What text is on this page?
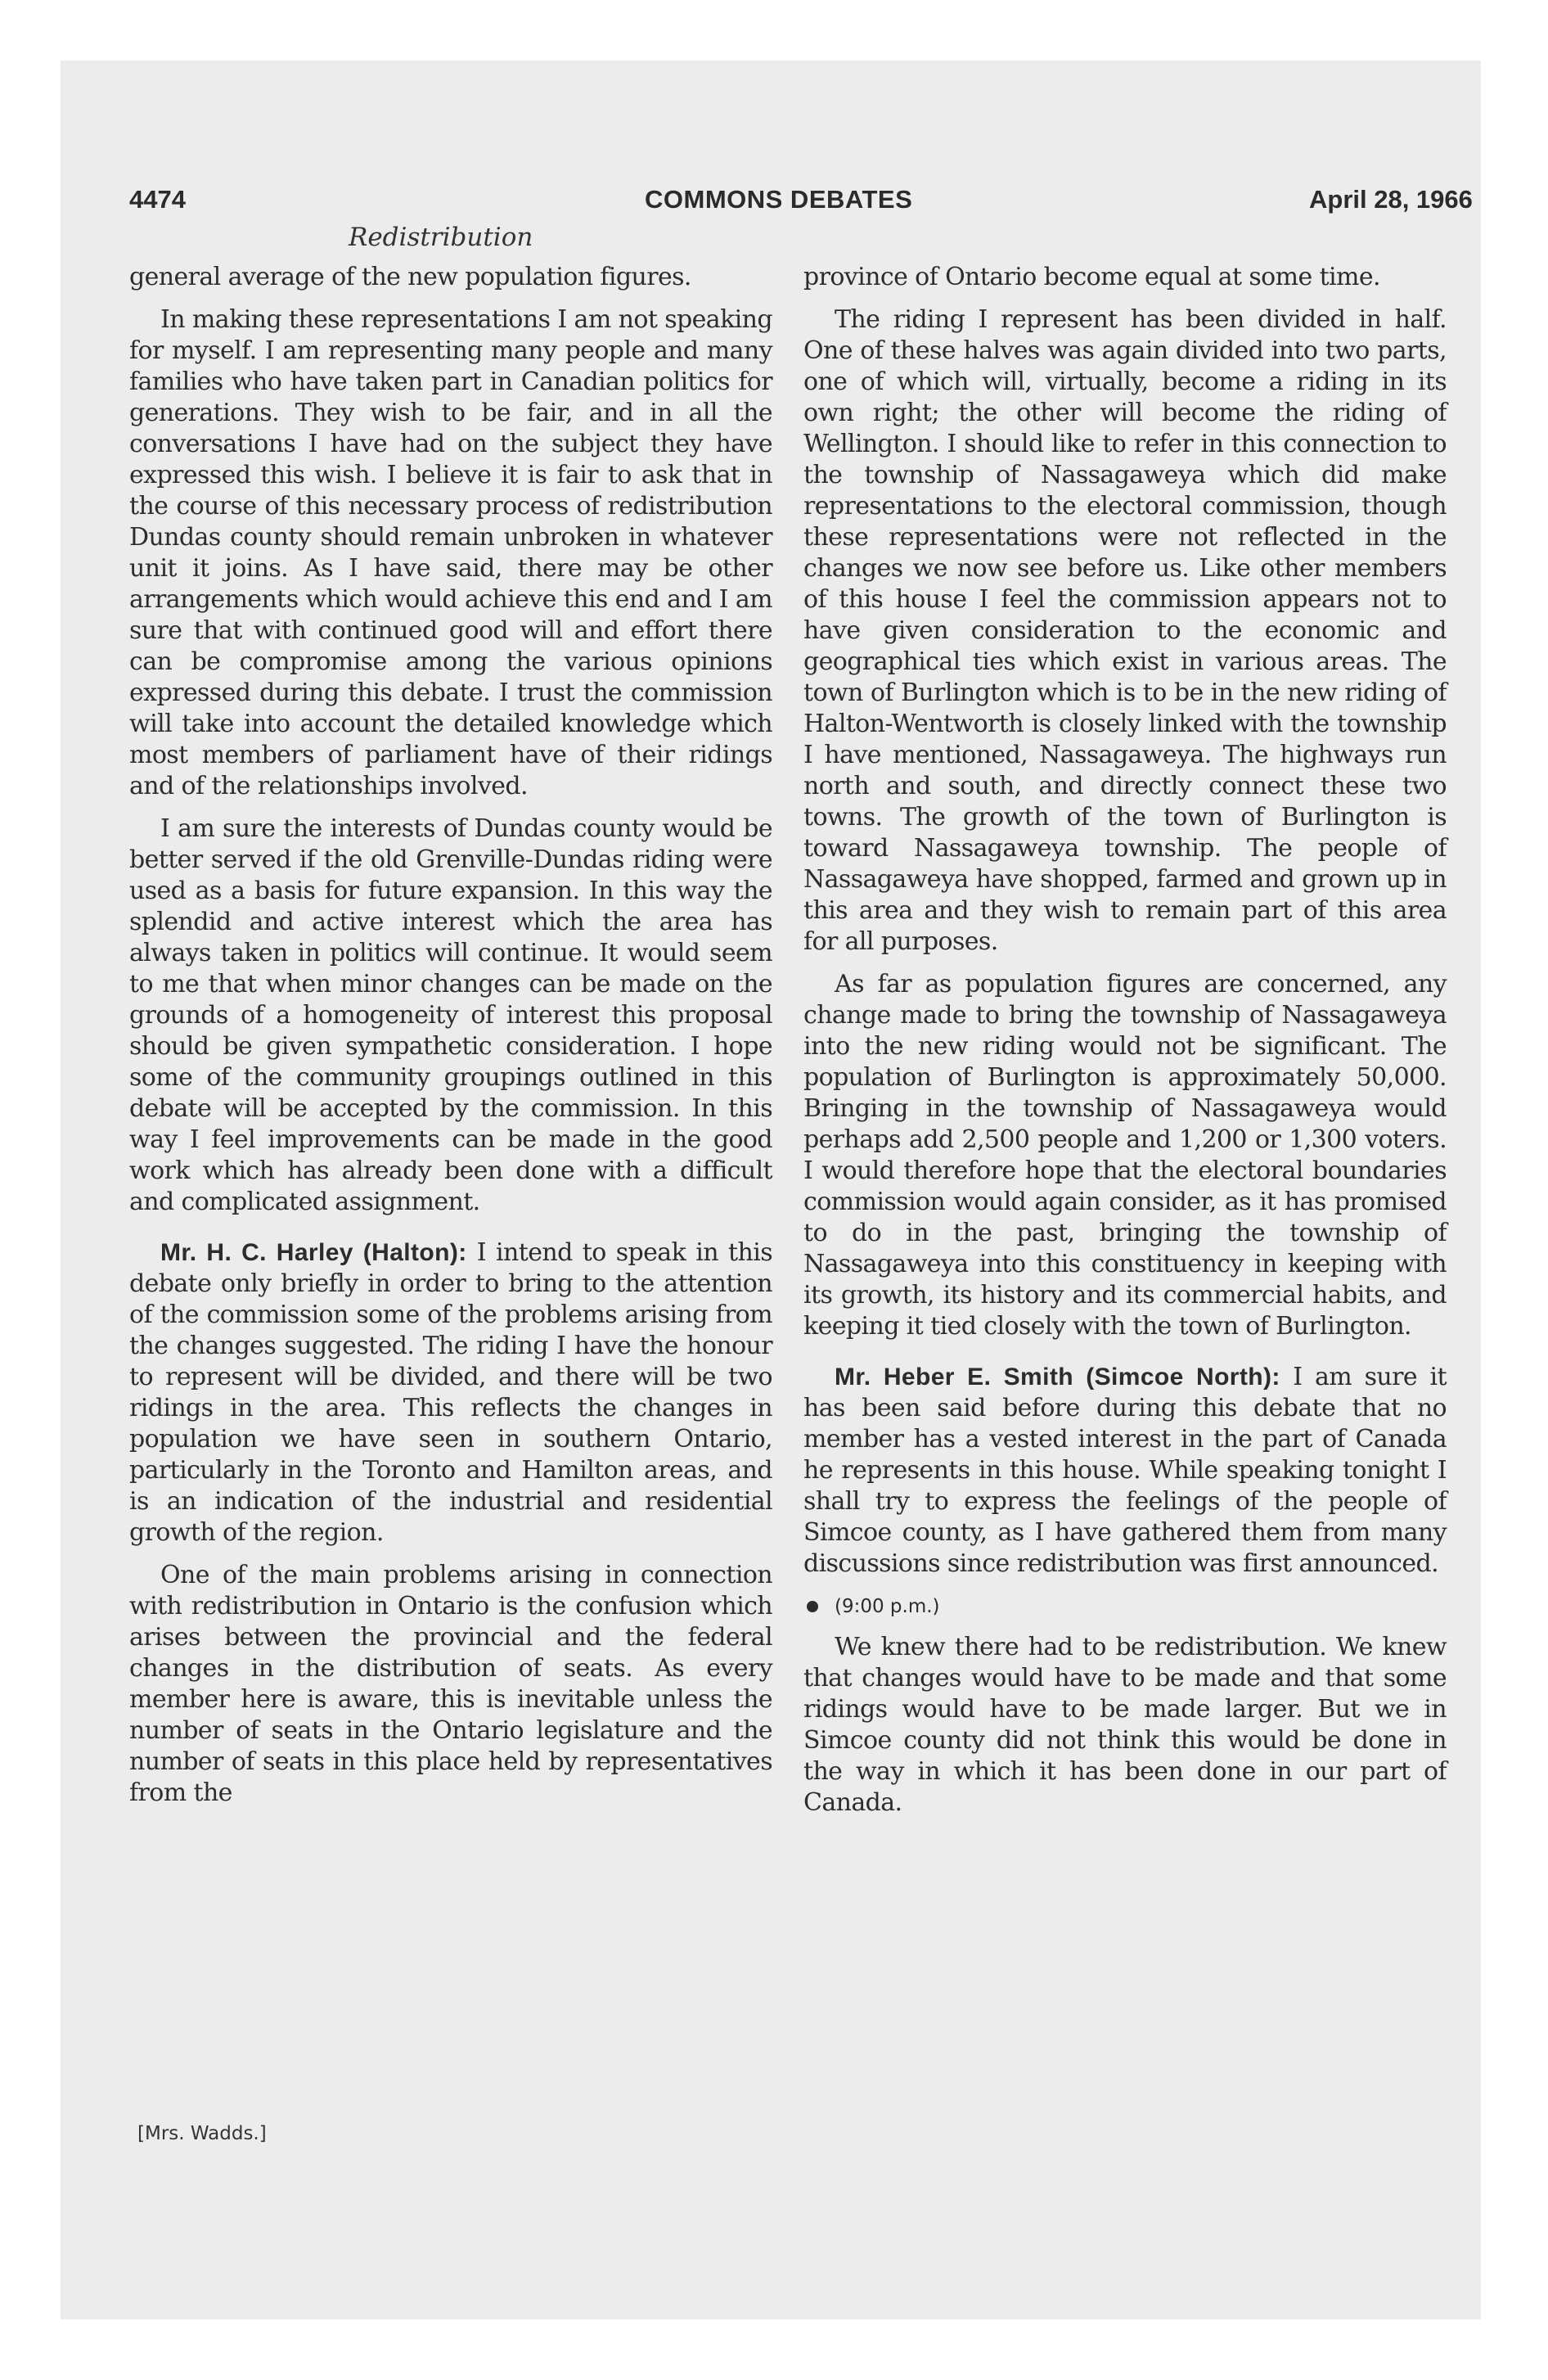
4474	COMMONS DEBATES	April 28, 1966
Redistribution

general average of the new population figures.

In making these representations I am not speaking for myself. I am representing many people and many families who have taken part in Canadian politics for generations. They wish to be fair, and in all the conversations I have had on the subject they have expressed this wish. I believe it is fair to ask that in the course of this necessary process of redistribution Dundas county should remain unbroken in whatever unit it joins. As I have said, there may be other arrangements which would achieve this end and I am sure that with continued good will and effort there can be compromise among the various opinions expressed during this debate. I trust the commission will take into account the detailed knowledge which most members of parliament have of their ridings and of the relationships involved.

I am sure the interests of Dundas county would be better served if the old Grenville-Dundas riding were used as a basis for future expansion. In this way the splendid and active interest which the area has always taken in politics will continue. It would seem to me that when minor changes can be made on the grounds of a homogeneity of interest this proposal should be given sympathetic consideration. I hope some of the community groupings outlined in this debate will be accepted by the commission. In this way I feel improvements can be made in the good work which has already been done with a difficult and complicated assignment.

Mr. H. C. Harley (Halton): I intend to speak in this debate only briefly in order to bring to the attention of the commission some of the problems arising from the changes suggested. The riding I have the honour to represent will be divided, and there will be two ridings in the area. This reflects the changes in population we have seen in southern Ontario, particularly in the Toronto and Hamilton areas, and is an indication of the industrial and residential growth of the region.

One of the main problems arising in connection with redistribution in Ontario is the confusion which arises between the provincial and the federal changes in the distribution of seats. As every member here is aware, this is inevitable unless the number of seats in the Ontario legislature and the number of seats in this place held by representatives from the

province of Ontario become equal at some time.

The riding I represent has been divided in half. One of these halves was again divided into two parts, one of which will, virtually, become a riding in its own right; the other will become the riding of Wellington. I should like to refer in this connection to the township of Nassagaweya which did make representations to the electoral commission, though these representations were not reflected in the changes we now see before us. Like other members of this house I feel the commission appears not to have given consideration to the economic and geographical ties which exist in various areas. The town of Burlington which is to be in the new riding of Halton-Wentworth is closely linked with the township I have mentioned, Nassagaweya. The highways run north and south, and directly connect these two towns. The growth of the town of Burlington is toward Nassagaweya township. The people of Nassagaweya have shopped, farmed and grown up in this area and they wish to remain part of this area for all purposes.

As far as population figures are concerned, any change made to bring the township of Nassagaweya into the new riding would not be significant. The population of Burlington is approximately 50,000. Bringing in the township of Nassagaweya would perhaps add 2,500 people and 1,200 or 1,300 voters. I would therefore hope that the electoral boundaries commission would again consider, as it has promised to do in the past, bringing the township of Nassagaweya into this constituency in keeping with its growth, its history and its commercial habits, and keeping it tied closely with the town of Burlington.

Mr. Heber E. Smith (Simcoe North): I am sure it has been said before during this debate that no member has a vested interest in the part of Canada he represents in this house. While speaking tonight I shall try to express the feelings of the people of Simcoe county, as I have gathered them from many discussions since redistribution was first announced.

(9:00 p.m.)

We knew there had to be redistribution. We knew that changes would have to be made and that some ridings would have to be made larger. But we in Simcoe county did not think this would be done in the way in which it has been done in our part of Canada.

[Mrs. Wadds.]
